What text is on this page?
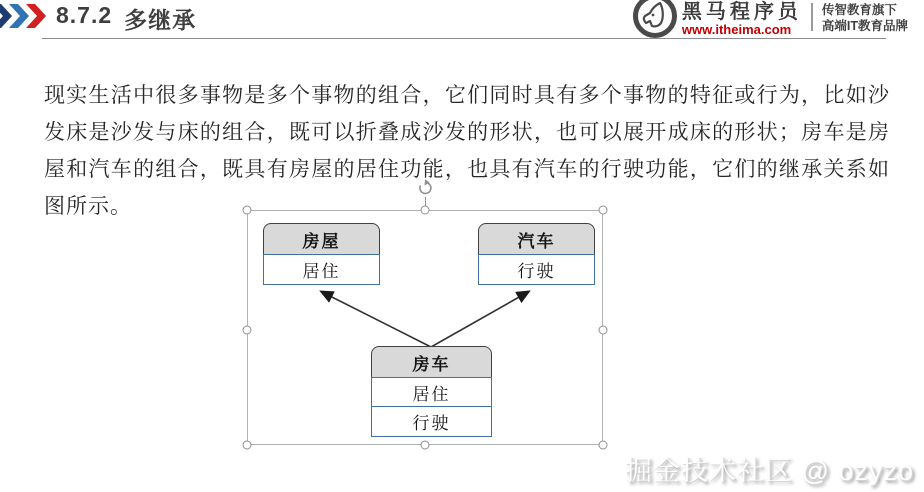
8.7.2 多继承	黑马程序员
www.itheima.com
传智教育旗下
高端IT教育品牌

现实生活中很多事物是多个事物的组合，它们同时具有多个事物的特征或行为，比如沙发床是沙发与床的组合，既可以折叠成沙发的形状，也可以展开成床的形状；房车是房屋和汽车的组合，既具有房屋的居住功能，也具有汽车的行驶功能，它们的继承关系如图所示。

房屋
居住
汽车
行驶
房车
居住
行驶
掘金技术社区 @ ozyzo
